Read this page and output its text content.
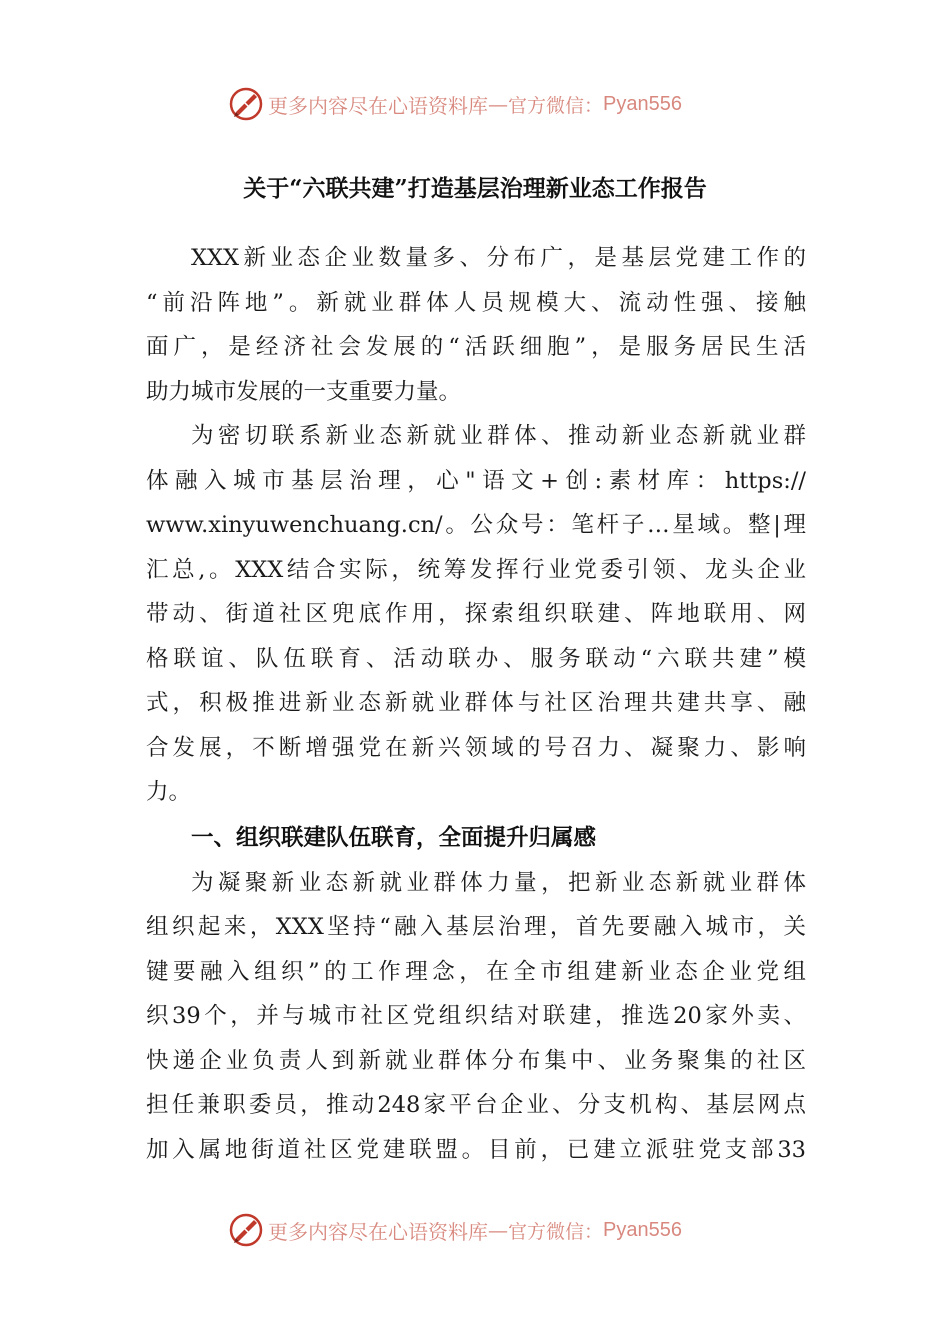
更多内容尽在心语资料库 — 官方微信： Pyan556
关于“六联共建”打造基层治理新业态工作报告
XXX新业态企业数量多、分布广，是基层党建工作的
“前沿阵地”。新就业群体人员规模大、流动性强、接触
面广，是经济社会发展的“活跃细胞”，是服务居民生活
助力城市发展的一支重要力量。
为密切联系新业态新就业群体、推动新业态新就业群
体融入城市基层治理，心"语文+创:素材库：https://
www.xinyuwenchuang.cn/。公众号：笔杆子…星域。整|理
汇总,。XXX结合实际，统筹发挥行业党委引领、龙头企业
带动、街道社区兜底作用，探索组织联建、阵地联用、网
格联谊、队伍联育、活动联办、服务联动“六联共建”模
式，积极推进新业态新就业群体与社区治理共建共享、融
合发展，不断增强党在新兴领域的号召力、凝聚力、影响
力。
一、组织联建队伍联育，全面提升归属感
为凝聚新业态新就业群体力量，把新业态新就业群体
组织起来，XXX坚持“融入基层治理，首先要融入城市，关
键要融入组织”的工作理念，在全市组建新业态企业党组
织39个，并与城市社区党组织结对联建，推选20家外卖、
快递企业负责人到新就业群体分布集中、业务聚集的社区
担任兼职委员，推动248家平台企业、分支机构、基层网点
加入属地街道社区党建联盟。目前，已建立派驻党支部33
更多内容尽在心语资料库 — 官方微信： Pyan556
